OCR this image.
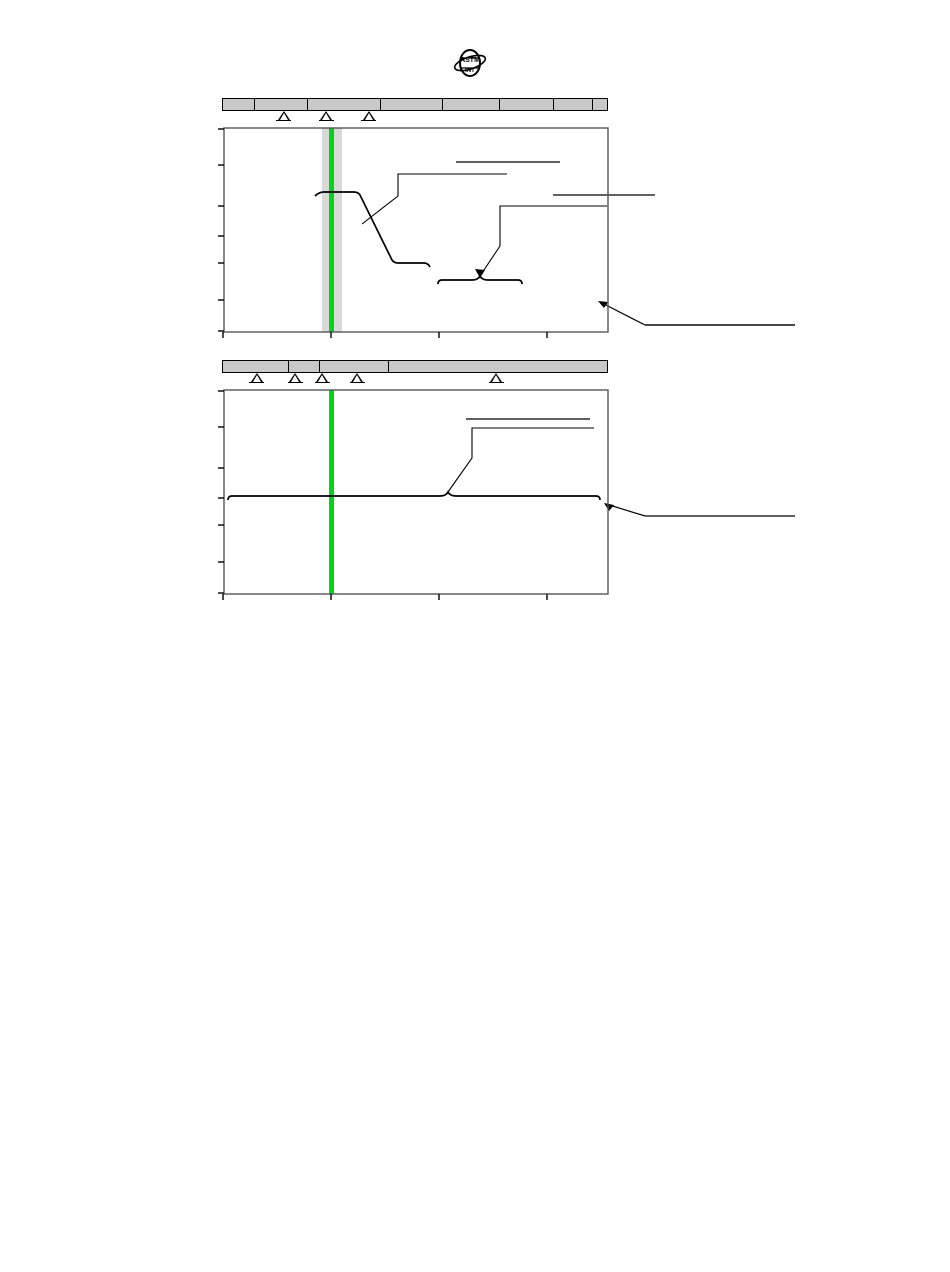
ASTM
INT
